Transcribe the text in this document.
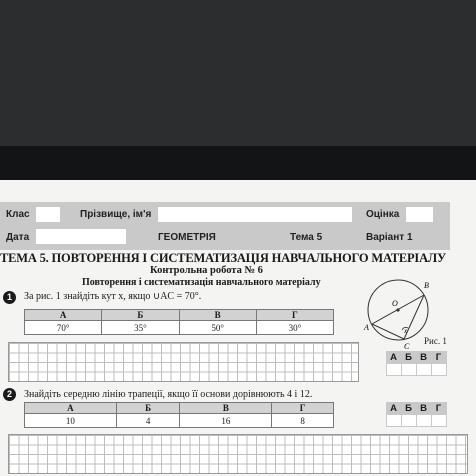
Клас	Прізвище, ім'я	Оцінка
Дата	ГЕОМЕТРІЯ	Тема 5	Варіант 1
ТЕМА 5. ПОВТОРЕННЯ І СИСТЕМАТИЗАЦІЯ НАВЧАЛЬНОГО МАТЕРІАЛУ
Контрольна робота № 6
Повторення і систематизація навчального матеріалу
1	За рис. 1 знайдіть кут x, якщо ∪AC = 70°.
А	Б	В	Г
70°	35°	50°	30°
B
O
A
C
x
Рис. 1
А Б В Г
2	Знайдіть середню лінію трапеції, якщо її основи дорівнюють 4 і 12.
А	Б	В	Г
10	4	16	8
А Б В Г
